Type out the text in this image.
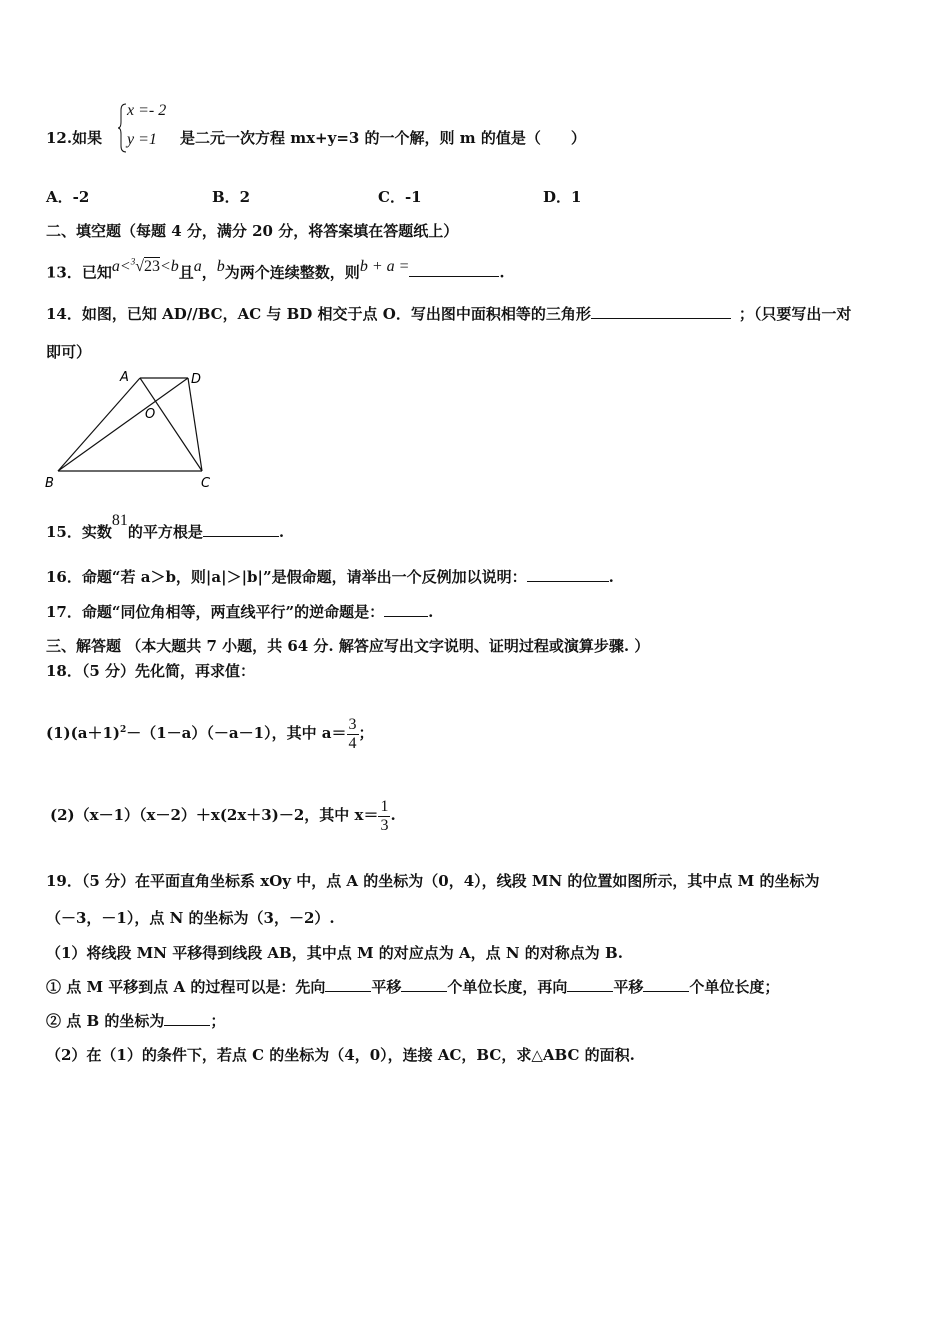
12.如果
x =- 2
y =1 是二元一次方程 mx+y=3 的一个解，则 m 的值是（　　）
A．-2	B．2	C．-1	D．1
二、填空题（每题 4 分，满分 20 分，将答案填在答题纸上）
13．已知a<$^3$√23<b且a，b为两个连续整数，则b + a =	.
14．如图，已知 AD//BC，AC 与 BD 相交于点 O．写出图中面积相等的三角形	；（只要写出一对
即可）
A	D
O
B	C
15．实数81的平方根是	.
16．命题“若 a＞b，则|a|＞|b|”是假命题，请举出一个反例加以说明：	.
17．命题“同位角相等，两直线平行”的逆命题是：	.
三、解答题 （本大题共 7 小题，共 64 分. 解答应写出文字说明、证明过程或演算步骤. ）
18．（5 分）先化简，再求值：
$(1)(a+1)^2-(1-a)(-a-1)$，其中 $a= \frac{3}{4}$ ；
(2)（x－1）（x－2）＋x(2x＋3)－2，其中 $x= \frac{1}{3}$ .
19．（5 分）在平面直角坐标系 xOy 中，点 A 的坐标为（0，4），线段 MN 的位置如图所示，其中点 M 的坐标为
（－3，－1），点 N 的坐标为（3，－2）.
（1）将线段 MN 平移得到线段 AB，其中点 M 的对应点为 A，点 N 的对称点为 B.
① 点 M 平移到点 A 的过程可以是：先向	平移	个单位长度，再向	平移	个单位长度；
② 点 B 的坐标为	；
（2）在（1）的条件下，若点 C 的坐标为（4，0），连接 AC，BC，求△ABC 的面积.
